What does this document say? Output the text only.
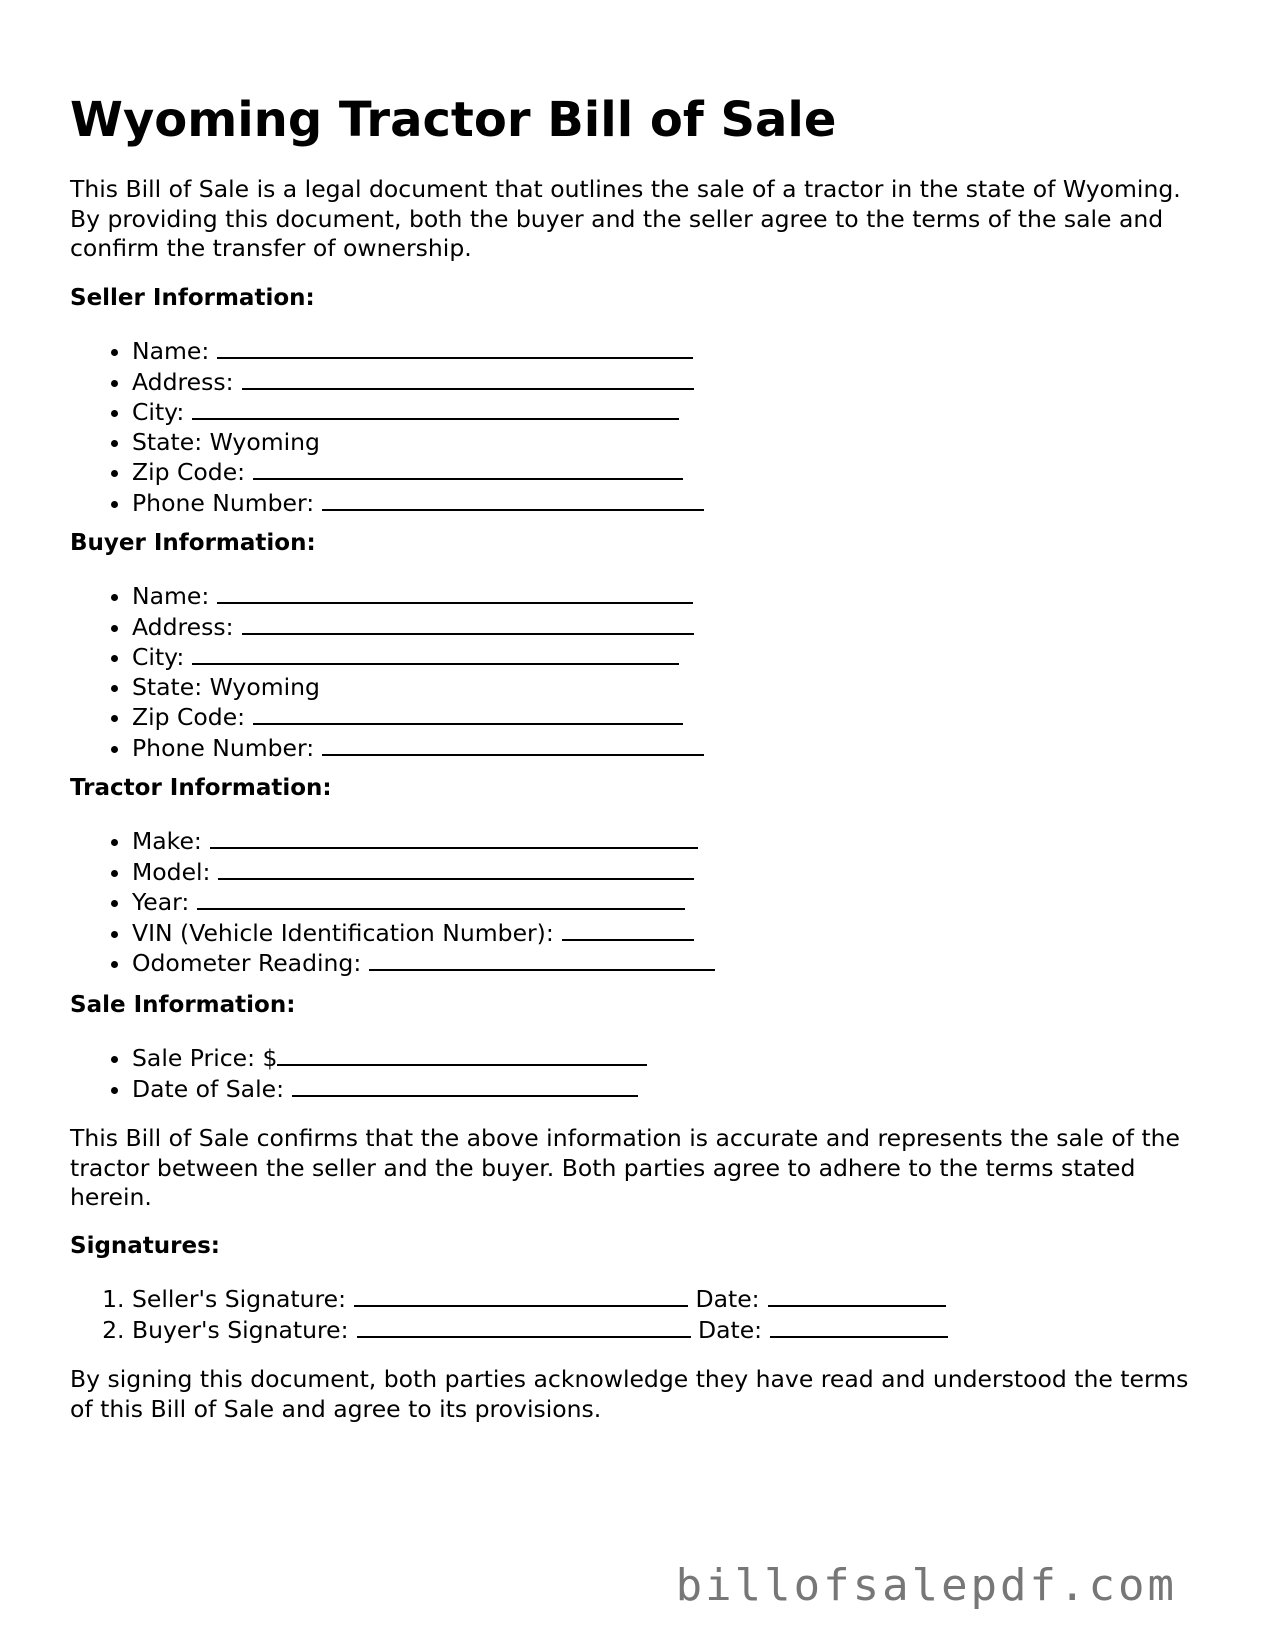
Wyoming Tractor Bill of Sale

This Bill of Sale is a legal document that outlines the sale of a tractor in the state of Wyoming. By providing this document, both the buyer and the seller agree to the terms of the sale and confirm the transfer of ownership.

Seller Information:
• Name:
• Address:
• City:
• State: Wyoming
• Zip Code:
• Phone Number:
Buyer Information:
• Name:
• Address:
• City:
• State: Wyoming
• Zip Code:
• Phone Number:
Tractor Information:
• Make:
• Model:
• Year:
• VIN (Vehicle Identification Number):
• Odometer Reading:
Sale Information:
• Sale Price: $
• Date of Sale:

This Bill of Sale confirms that the above information is accurate and represents the sale of the tractor between the seller and the buyer. Both parties agree to adhere to the terms stated herein.

Signatures:
1. Seller's Signature:	Date:
2. Buyer's Signature:	Date:

By signing this document, both parties acknowledge they have read and understood the terms of this Bill of Sale and agree to its provisions.

billofsalepdf.com
